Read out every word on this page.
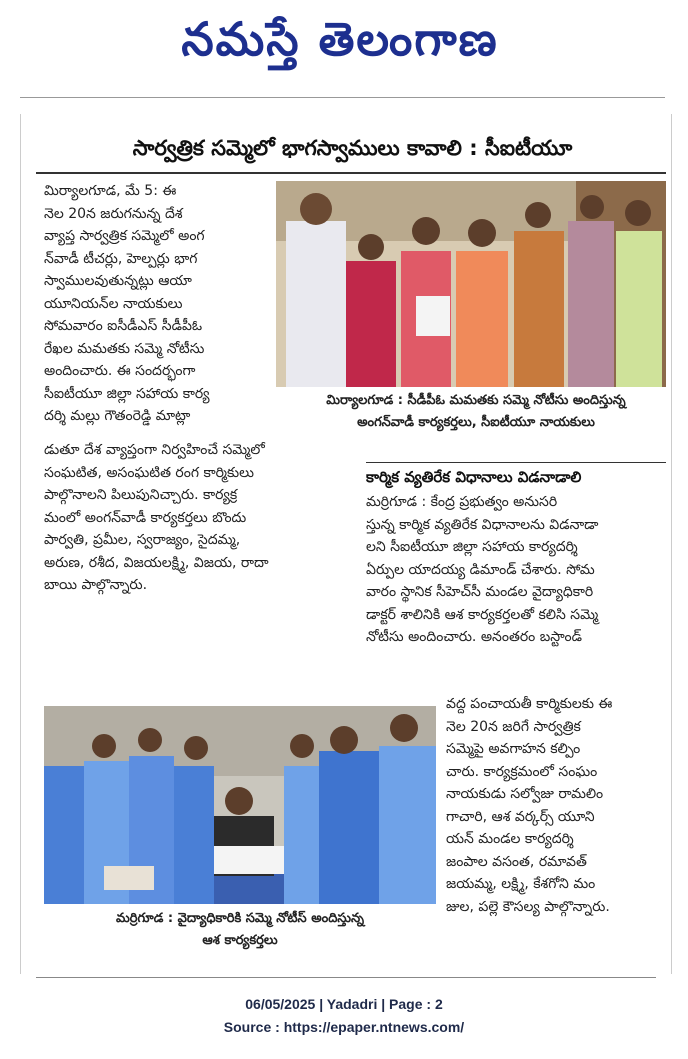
నమస్తే తెలంగాణ
సార్వత్రిక సమ్మెలో భాగస్వాములు కావాలి : సీఐటీయూ

మిర్యాలగూడ, మే 5: ఈ
నెల 20న జరుగనున్న దేశ
వ్యాప్త సార్వత్రిక సమ్మెలో అంగ
న్‌వాడీ టీచర్లు, హెల్పర్లు భాగ
స్వాములవుతున్నట్లు ఆయా
యూనియన్‌ల నాయకులు
సోమవారం ఐసీడీఎస్ సీడీపీఓ
రేఖల మమతకు సమ్మె నోటీసు
అందించారు. ఈ సందర్భంగా
సీఐటీయూ జిల్లా సహాయ కార్య
దర్శి మల్లు గౌతంరెడ్డి మాట్లా

మిర్యాలగూడ : సీడీపీఓ మమతకు సమ్మె నోటీసు అందిస్తున్న
అంగన్‌వాడీ కార్యకర్తలు, సీఐటీయూ నాయకులు
కార్మిక వ్యతిరేక విధానాలు విడనాడాలి

డుతూ దేశ వ్యాప్తంగా నిర్వహించే సమ్మెలో
సంఘటిత, అసంఘటిత రంగ కార్మికులు
పాల్గొనాలని పిలుపునిచ్చారు. కార్యక్ర
మంలో అంగన్‌వాడీ కార్యకర్తలు బొందు
పార్వతి, ప్రమీల, స్వరాజ్యం, సైదమ్మ,
అరుణ, రశీద, విజయలక్ష్మి, విజయ, రాదా
బాయి పాల్గొన్నారు.

మర్రిగూడ : కేంద్ర ప్రభుత్వం అనుసరి
స్తున్న కార్మిక వ్యతిరేక విధానాలను విడనాడా
లని సీఐటీయూ జిల్లా సహాయ కార్యదర్శి
ఏర్పుల యాదయ్య డిమాండ్ చేశారు. సోమ
వారం స్థానిక సీహెచ్‌సీ మండల వైద్యాధికారి
డాక్టర్ శాలినికి ఆశ కార్యకర్తలతో కలిసి సమ్మె
నోటీసు అందించారు. అనంతరం బస్టాండ్

మర్రిగూడ : వైద్యాధికారికి సమ్మె నోటీస్ అందిస్తున్న
ఆశ కార్యకర్తలు

వద్ద పంచాయతీ కార్మికులకు ఈ
నెల 20న జరిగే సార్వత్రిక
సమ్మెపై అవగాహన కల్పిం
చారు. కార్యక్రమంలో సంఘం
నాయకుడు సల్వోజు రామలిం
గాచారి, ఆశ వర్కర్స్ యూని
యన్ మండల కార్యదర్శి
జంపాల వసంత, రమావత్
జయమ్మ, లక్ష్మి, కేశగోని మం
జుల, పల్లె కౌసల్య పాల్గొన్నారు.

06/05/2025 | Yadadri | Page : 2
Source : https://epaper.ntnews.com/
